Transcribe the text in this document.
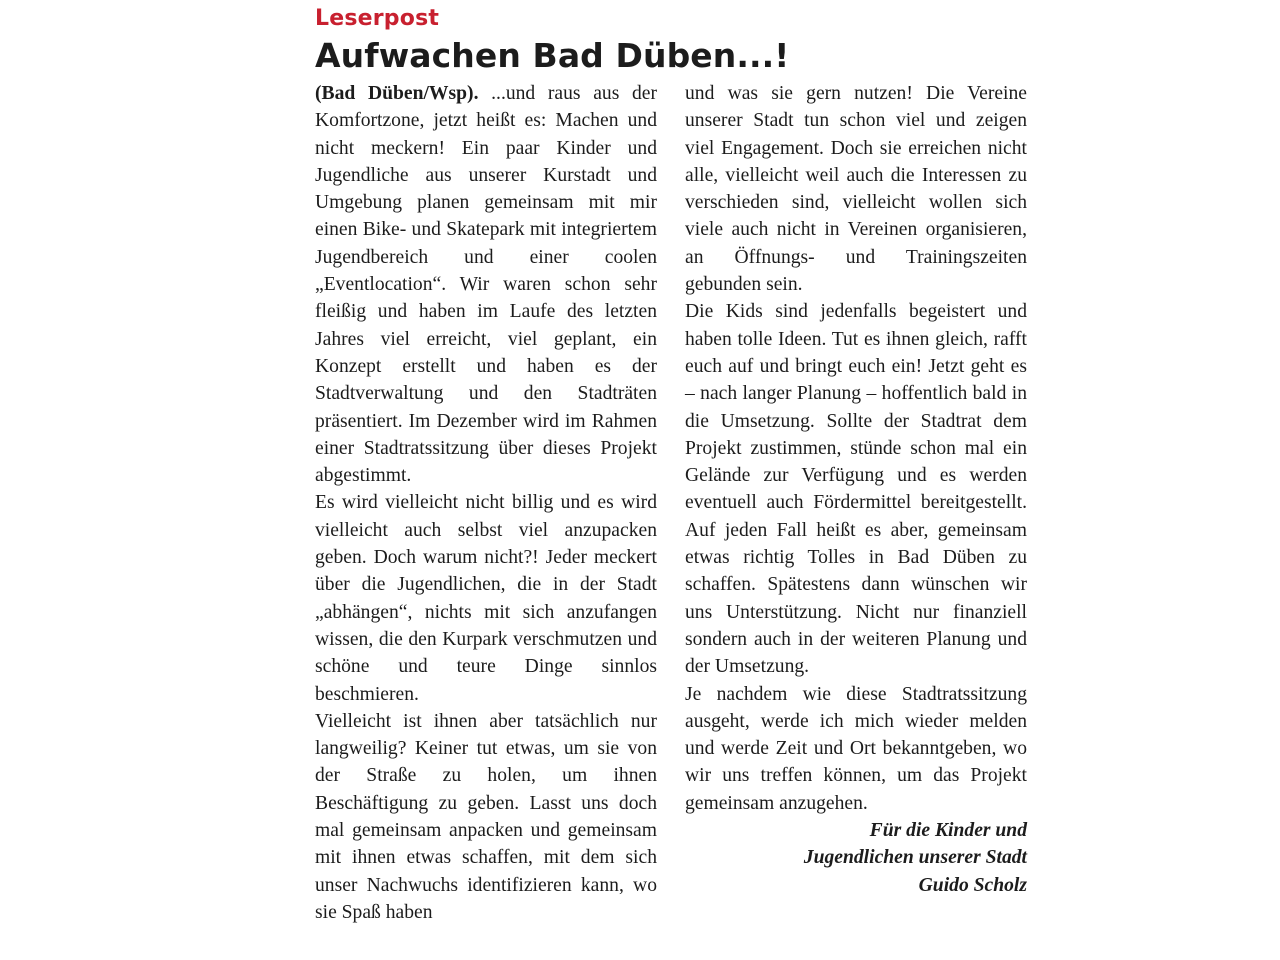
Leserpost
Aufwachen Bad Düben...!

(Bad Düben/Wsp). ...und raus aus der Komfortzone, jetzt heißt es: Machen und nicht meckern! Ein paar Kinder und Jugendliche aus unserer Kurstadt und Umgebung planen gemeinsam mit mir einen Bike- und Skatepark mit integriertem Jugendbereich und einer coolen „Eventlocation“. Wir waren schon sehr fleißig und haben im Laufe des letzten Jahres viel erreicht, viel geplant, ein Konzept erstellt und haben es der Stadtverwaltung und den Stadträten präsentiert. Im Dezember wird im Rahmen einer Stadtratssitzung über dieses Projekt abgestimmt.

Es wird vielleicht nicht billig und es wird vielleicht auch selbst viel anzupacken geben. Doch warum nicht?! Jeder meckert über die Jugendlichen, die in der Stadt „abhängen“, nichts mit sich anzufangen wissen, die den Kurpark verschmutzen und schöne und teure Dinge sinnlos beschmieren.

Vielleicht ist ihnen aber tatsächlich nur langweilig? Keiner tut etwas, um sie von der Straße zu holen, um ihnen Beschäftigung zu geben. Lasst uns doch mal gemeinsam anpacken und gemeinsam mit ihnen etwas schaffen, mit dem sich unser Nachwuchs identifizieren kann, wo sie Spaß haben

und was sie gern nutzen! Die Vereine unserer Stadt tun schon viel und zeigen viel Engagement. Doch sie erreichen nicht alle, vielleicht weil auch die Interessen zu verschieden sind, vielleicht wollen sich viele auch nicht in Vereinen organisieren, an Öffnungs- und Trainingszeiten gebunden sein.

Die Kids sind jedenfalls begeistert und haben tolle Ideen. Tut es ihnen gleich, rafft euch auf und bringt euch ein! Jetzt geht es – nach langer Planung – hoffentlich bald in die Umsetzung. Sollte der Stadtrat dem Projekt zustimmen, stünde schon mal ein Gelände zur Verfügung und es werden eventuell auch Fördermittel bereitgestellt. Auf jeden Fall heißt es aber, gemeinsam etwas richtig Tolles in Bad Düben zu schaffen. Spätestens dann wünschen wir uns Unterstützung. Nicht nur finanziell sondern auch in der weiteren Planung und der Umsetzung.

Je nachdem wie diese Stadtratssitzung ausgeht, werde ich mich wieder melden und werde Zeit und Ort bekanntgeben, wo wir uns treffen können, um das Projekt gemeinsam anzugehen.

Für die Kinder und
Jugendlichen unserer Stadt
Guido Scholz
